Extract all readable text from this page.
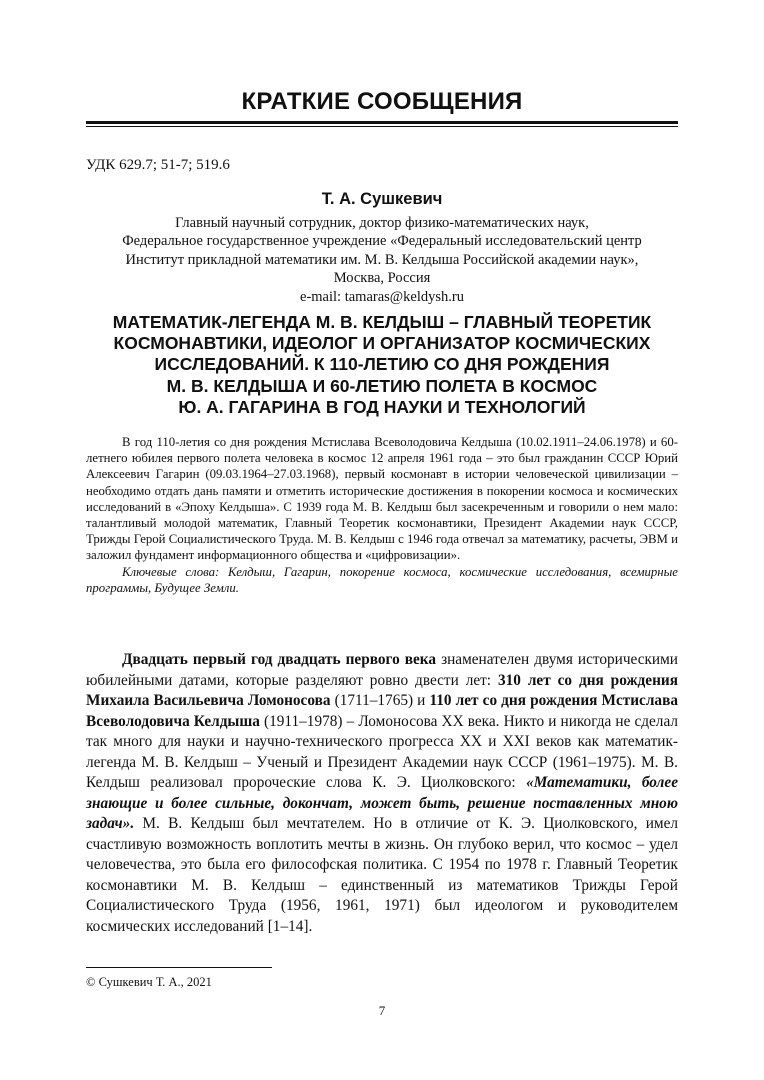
КРАТКИЕ СООБЩЕНИЯ
УДК 629.7; 51-7; 519.6
Т. А. Сушкевич
Главный научный сотрудник, доктор физико-математических наук,
Федеральное государственное учреждение «Федеральный исследовательский центр
Институт прикладной математики им. М. В. Келдыша Российской академии наук»,
Москва, Россия
e-mail: tamaras@keldysh.ru
МАТЕМАТИК-ЛЕГЕНДА М. В. КЕЛДЫШ – ГЛАВНЫЙ ТЕОРЕТИК
КОСМОНАВТИКИ, ИДЕОЛОГ И ОРГАНИЗАТОР КОСМИЧЕСКИХ
ИССЛЕДОВАНИЙ. К 110-ЛЕТИЮ СО ДНЯ РОЖДЕНИЯ
М. В. КЕЛДЫША И 60-ЛЕТИЮ ПОЛЕТА В КОСМОС
Ю. А. ГАГАРИНА В ГОД НАУКИ И ТЕХНОЛОГИЙ

В год 110-летия со дня рождения Мстислава Всеволодовича Келдыша (10.02.1911–24.06.1978) и 60-летнего юбилея первого полета человека в космос 12 апреля 1961 года – это был гражданин СССР Юрий Алексеевич Гагарин (09.03.1964–27.03.1968), первый космонавт в истории человеческой цивилизации – необходимо отдать дань памяти и отметить исторические достижения в покорении космоса и космических исследований в «Эпоху Келдыша». С 1939 года М. В. Келдыш был засекреченным и говорили о нем мало: талантливый молодой математик, Главный Теоретик космонавтики, Президент Академии наук СССР, Трижды Герой Социалистического Труда. М. В. Келдыш с 1946 года отвечал за математику, расчеты, ЭВМ и заложил фундамент информационного общества и «цифровизации».

Ключевые слова: Келдыш, Гагарин, покорение космоса, космические исследования, всемирные программы, Будущее Земли.

Двадцать первый год двадцать первого века знаменателен двумя историческими юбилейными датами, которые разделяют ровно двести лет: 310 лет со дня рождения Михаила Васильевича Ломоносова (1711–1765) и 110 лет со дня рождения Мстислава Всеволодовича Келдыша (1911–1978) – Ломоносова XX века. Никто и никогда не сделал так много для науки и научно-технического прогресса XX и XXI веков как математик-легенда М. В. Келдыш – Ученый и Президент Академии наук СССР (1961–1975). М. В. Келдыш реализовал пророческие слова К. Э. Циолковского: «Математики, более знающие и более сильные, докончат, может быть, решение поставленных мною задач». М. В. Келдыш был мечтателем. Но в отличие от К. Э. Циолковского, имел счастливую возможность воплотить мечты в жизнь. Он глубоко верил, что космос – удел человечества, это была его философская политика. С 1954 по 1978 г. Главный Теоретик космонавтики М. В. Келдыш – единственный из математиков Трижды Герой Социалистического Труда (1956, 1961, 1971) был идеологом и руководителем космических исследований [1–14].

© Сушкевич Т. А., 2021
7
